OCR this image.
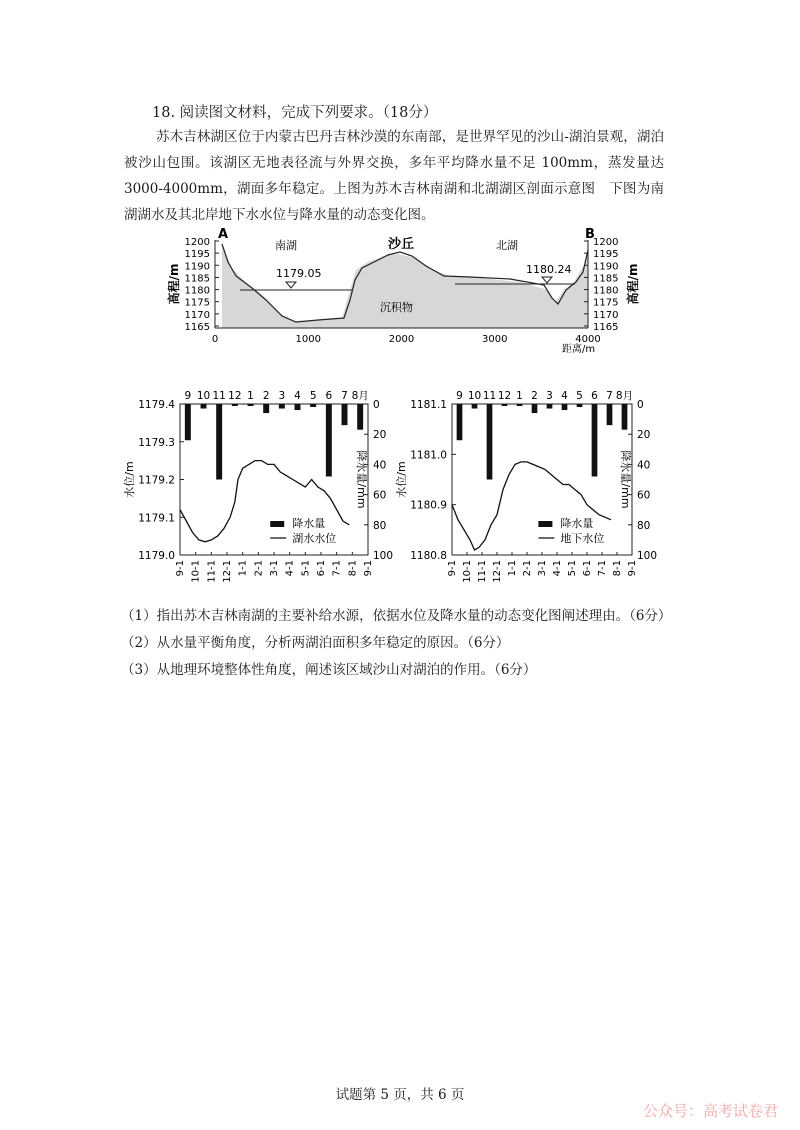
18. 阅读图文材料，完成下列要求。（18分）
苏木吉林湖区位于内蒙古巴丹吉林沙漠的东南部，是世界罕见的沙山-湖泊景观，湖泊被沙山包围。该湖区无地表径流与外界交换，多年平均降水量不足 100mm，蒸发量达3000-4000mm，湖面多年稳定。上图为苏木吉林南湖和北湖湖区剖面示意图　下图为南湖湖水及其北岸地下水水位与降水量的动态变化图。
1200	1200
1195	1195
1190	1190
1185	1185
1180	1180
1175	1175
1170	1170
1165	1165
0	1000	2000	3000	4000
A	B
南湖	北湖
沙丘
沉积物
1179.05	1180.24
距离/m
高程/m	高程/m
1179.4
1179.3
1179.2
1179.1
1179.0
0
20
40
60
80
100
9 10 11 12 1 2 3 4 5 6 7 8月
9-1 10-1 11-1 12-1 1-1 2-1 3-1 4-1 5-1 6-1 7-1 8-1 9-1
水位/m	降水量/mm
降水量
湖水水位
1181.1
1181.0
1180.9
1180.8
0
20
40
60
80
100
9 10 11 12 1 2 3 4 5 6 7 8月
9-1 10-1 11-1 12-1 1-1 2-1 3-1 4-1 5-1 6-1 7-1 8-1 9-1
水位/m	降水量/mm
降水量
地下水位
（1）指出苏木吉林南湖的主要补给水源，依据水位及降水量的动态变化图阐述理由。（6分）
（2）从水量平衡角度，分析两湖泊面积多年稳定的原因。（6分）
（3）从地理环境整体性角度，阐述该区域沙山对湖泊的作用。（6分）
试题第 5 页，共 6 页
公众号：高考试卷君
